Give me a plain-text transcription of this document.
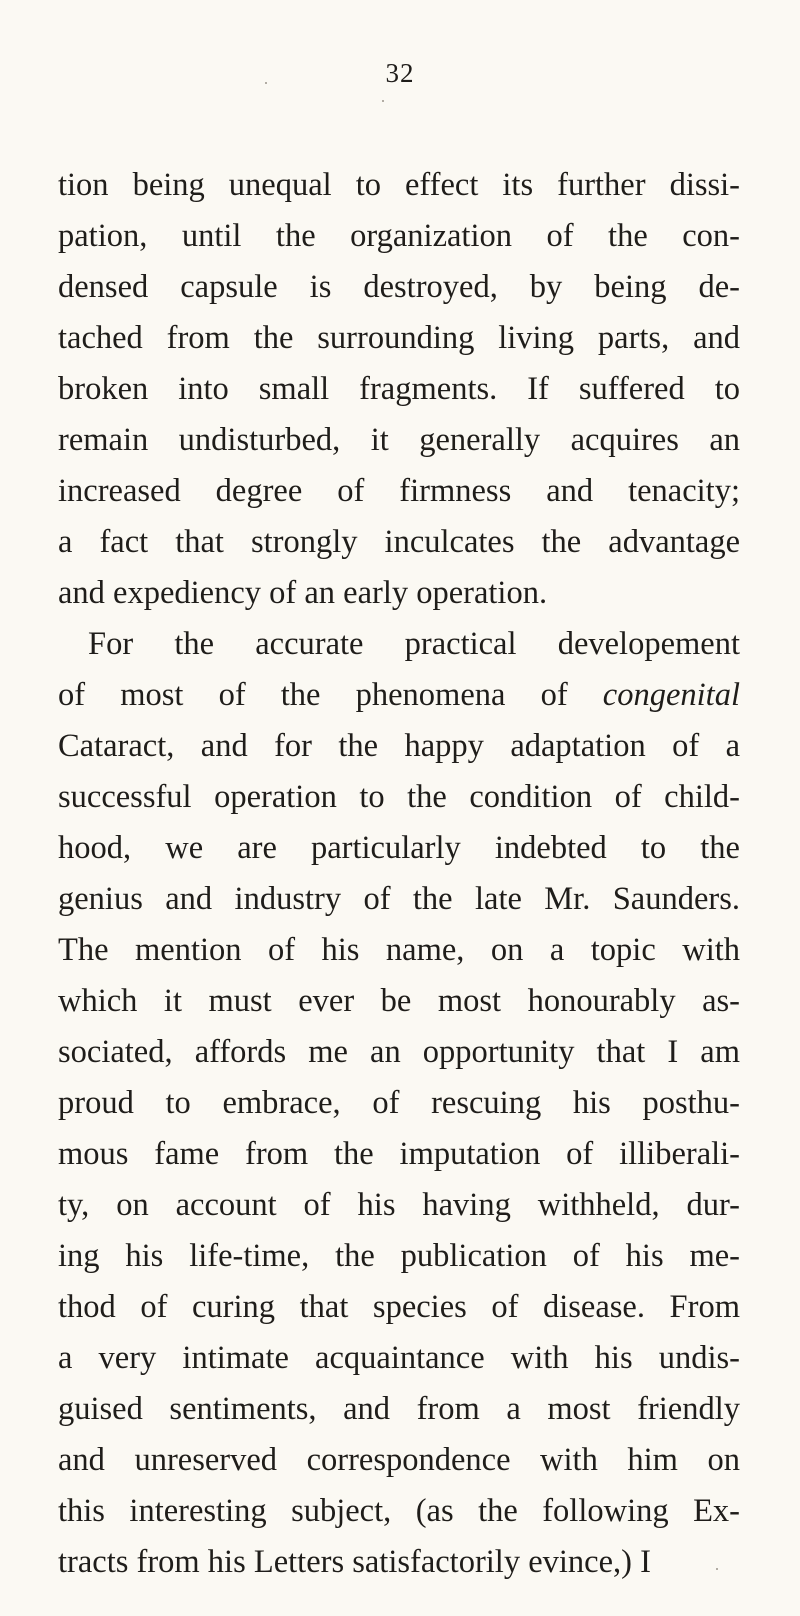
32
tion being unequal to effect its further dissi-
pation, until the organization of the con-
densed capsule is destroyed, by being de-
tached from the surrounding living parts, and
broken into small fragments. If suffered to
remain undisturbed, it generally acquires an
increased degree of firmness and tenacity;
a fact that strongly inculcates the advantage
and expediency of an early operation.
For the accurate practical developement
of most of the phenomena of congenital
Cataract, and for the happy adaptation of a
successful operation to the condition of child-
hood, we are particularly indebted to the
genius and industry of the late Mr. Saunders.
The mention of his name, on a topic with
which it must ever be most honourably as-
sociated, affords me an opportunity that I am
proud to embrace, of rescuing his posthu-
mous fame from the imputation of illiberali-
ty, on account of his having withheld, dur-
ing his life-time, the publication of his me-
thod of curing that species of disease. From
a very intimate acquaintance with his undis-
guised sentiments, and from a most friendly
and unreserved correspondence with him on
this interesting subject, (as the following Ex-
tracts from his Letters satisfactorily evince,) I
